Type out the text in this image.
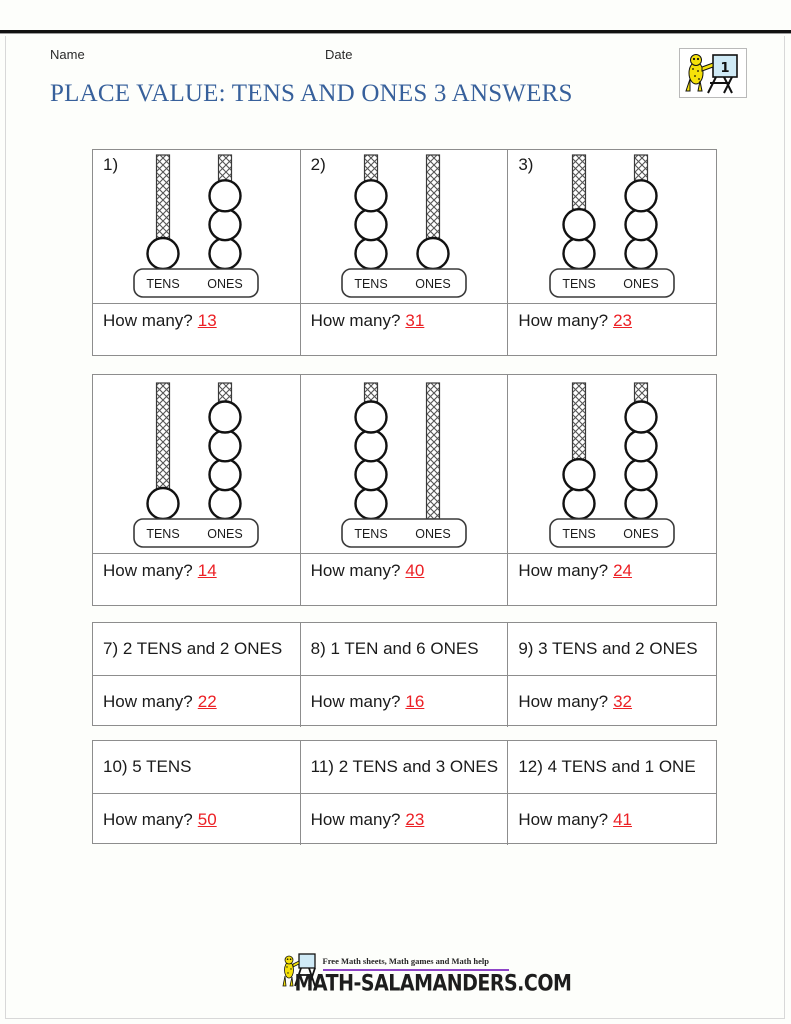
Name	Date
PLACE VALUE: TENS AND ONES 3 ANSWERS
1
1)
TENS ONES
How many? 13
2)
TENS ONES
How many? 31
3)
TENS ONES
How many? 23
TENS ONES
How many? 14
TENS ONES
How many? 40
TENS ONES
How many? 24
7) 2 TENS and 2 ONES
How many? 22
8) 1 TEN and 6 ONES
How many? 16
9) 3 TENS and 2 ONES
How many? 32
10) 5 TENS
How many? 50
11) 2 TENS and 3 ONES
How many? 23
12) 4 TENS and 1 ONE
How many? 41
Free Math sheets, Math games and Math help
MATH-SALAMANDERS.COM
